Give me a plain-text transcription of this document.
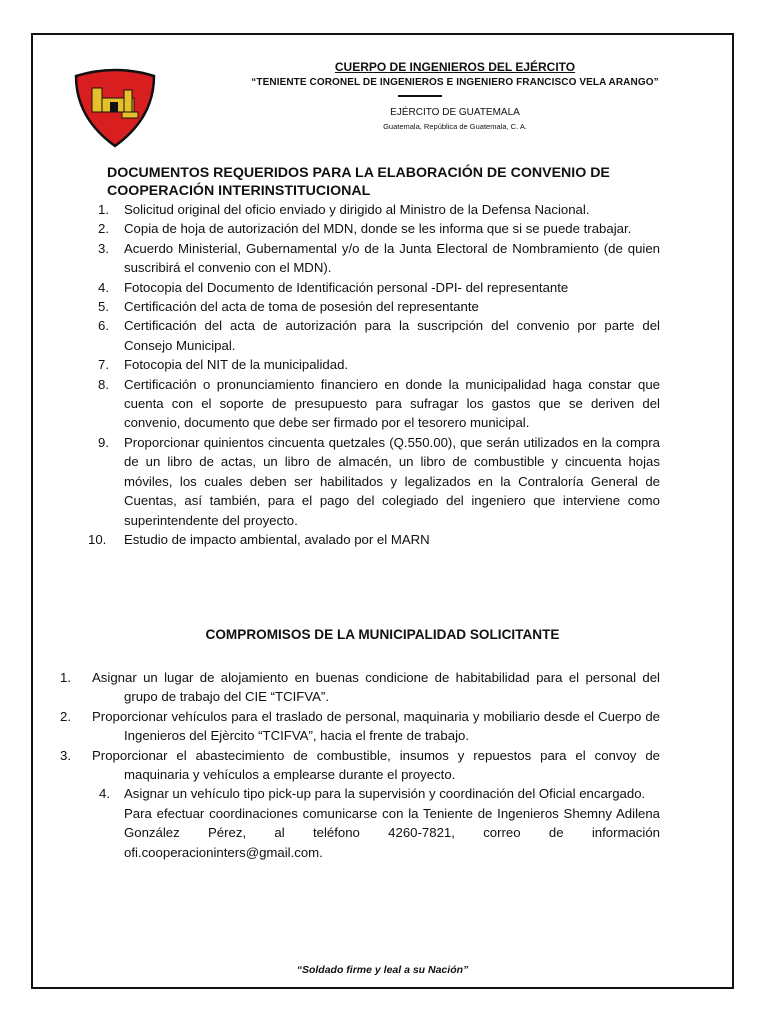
CUERPO DE INGENIEROS DEL EJÉRCITO
“TENIENTE CORONEL DE INGENIEROS E INGENIERO FRANCISCO VELA ARANGO”
EJÉRCITO DE GUATEMALA
Guatemala, República de Guatemala, C. A.
DOCUMENTOS REQUERIDOS PARA LA ELABORACIÓN DE CONVENIO DE COOPERACIÓN INTERINSTITUCIONAL
1. Solicitud original del oficio enviado y dirigido al Ministro de la Defensa Nacional.
2. Copia de hoja de autorización del MDN, donde se les informa que si se puede trabajar.
3. Acuerdo Ministerial, Gubernamental y/o de la Junta Electoral de Nombramiento (de quien suscribirá el convenio con el MDN).
4. Fotocopia del Documento de Identificación personal -DPI- del representante
5. Certificación del acta de toma de posesión del representante
6. Certificación del acta de autorización para la suscripción del convenio por parte del Consejo Municipal.
7. Fotocopia del NIT de la municipalidad.
8. Certificación o pronunciamiento financiero en donde la municipalidad haga constar que cuenta con el soporte de presupuesto para sufragar los gastos que se deriven del convenio, documento que debe ser firmado por el tesorero municipal.
9. Proporcionar quinientos cincuenta quetzales (Q.550.00), que serán utilizados en la compra de un libro de actas, un libro de almacén, un libro de combustible y cincuenta hojas móviles, los cuales deben ser habilitados y legalizados en la Contraloría General de Cuentas, así también, para el pago del colegiado del ingeniero que interviene como superintendente del proyecto.
10. Estudio de impacto ambiental, avalado por el MARN
COMPROMISOS DE LA MUNICIPALIDAD SOLICITANTE
1. Asignar un lugar de alojamiento en buenas condicione de habitabilidad para el personal del grupo de trabajo del CIE “TCIFVA”.
2. Proporcionar vehículos para el traslado de personal, maquinaria y mobiliario desde el Cuerpo de Ingenieros del Ejèrcito “TCIFVA”, hacia el frente de trabajo.
3. Proporcionar el abastecimiento de combustible, insumos y repuestos para el convoy de maquinaria y vehículos a emplearse durante el proyecto.
4. Asignar un vehículo tipo pick-up para la supervisión y coordinación del Oficial encargado.

Para efectuar coordinaciones comunicarse con la Teniente de Ingenieros Shemny Adilena González Pérez, al teléfono 4260-7821, correo de información ofi.cooperacioninters@gmail.com.

“Soldado firme y leal a su Nación”
